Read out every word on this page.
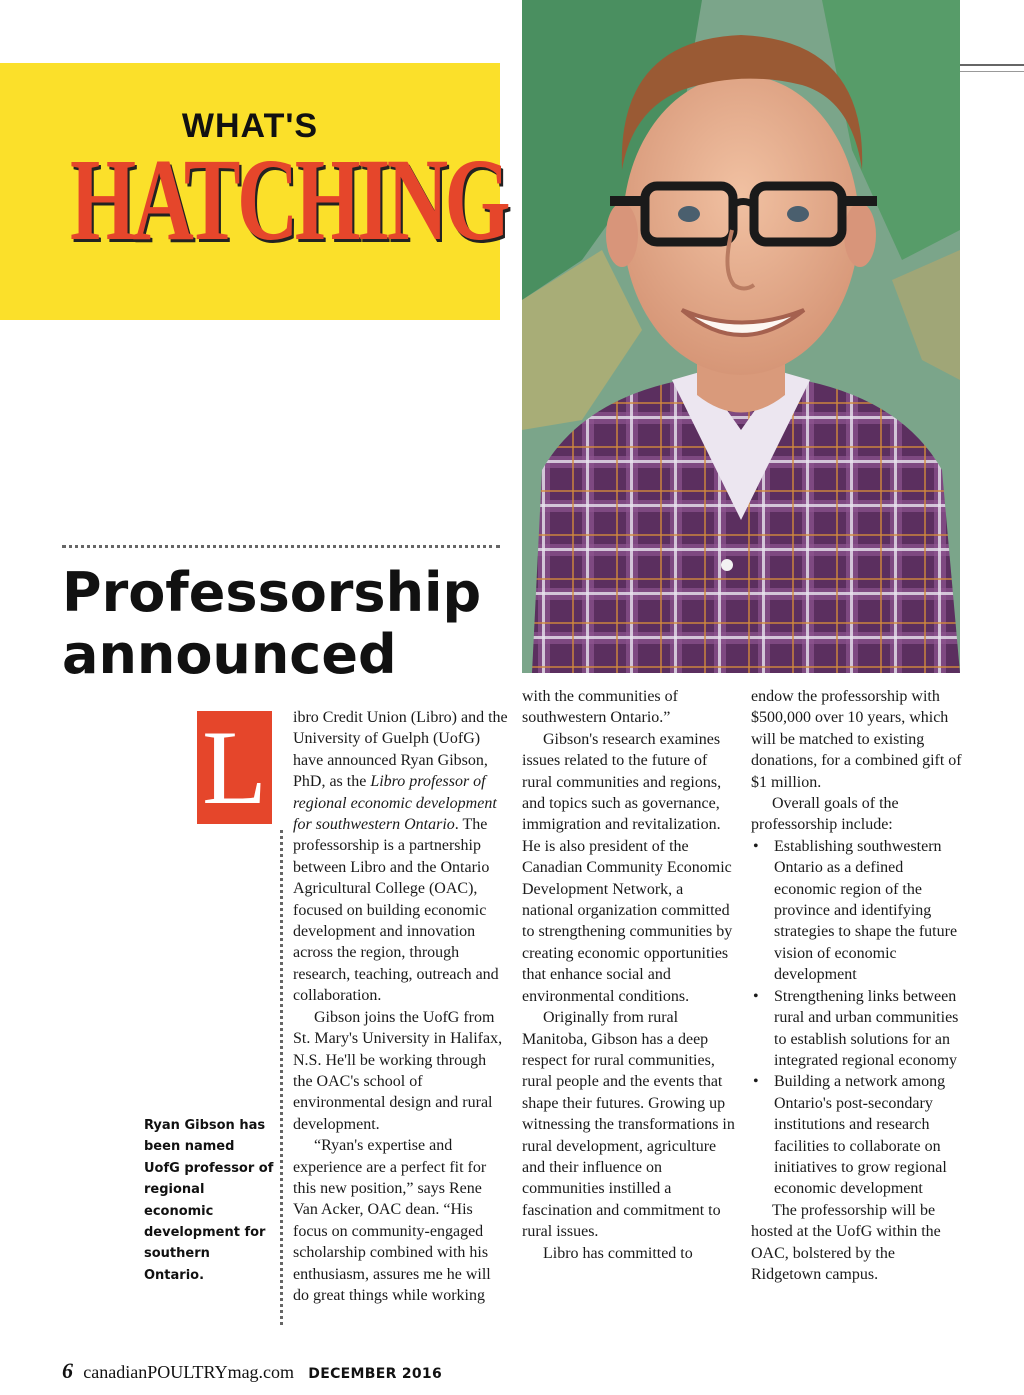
WHAT'S
HATCHING
Professorship announced
L
Ryan Gibson has been named UofG professor of regional economic development for southern Ontario.

ibro Credit Union (Libro) and the University of Guelph (UofG) have announced Ryan Gibson, PhD, as the Libro professor of regional economic development for southwestern Ontario. The professorship is a partnership between Libro and the Ontario Agricultural College (OAC), focused on building economic development and innovation across the region, through research, teaching, outreach and collaboration.

Gibson joins the UofG from St. Mary's University in Halifax, N.S. He'll be working through the OAC's school of environmental design and rural development.

“Ryan's expertise and experience are a perfect fit for this new position,” says Rene Van Acker, OAC dean. “His focus on community-engaged scholarship combined with his enthusiasm, assures me he will do great things while working

with the communities of southwestern Ontario.”

Gibson's research examines issues related to the future of rural communities and regions, and topics such as governance, immigration and revitalization. He is also president of the Canadian Community Economic Development Network, a national organization committed to strengthening communities by creating economic opportunities that enhance social and environmental conditions.

Originally from rural Manitoba, Gibson has a deep respect for rural communities, rural people and the events that shape their futures. Growing up witnessing the transformations in rural development, agriculture and their influence on communities instilled a fascination and commitment to rural issues.

Libro has committed to

endow the professorship with $500,000 over 10 years, which will be matched to existing donations, for a combined gift of $1 million.

Overall goals of the professorship include:

• Establishing southwestern Ontario as a defined economic region of the province and identifying strategies to shape the future vision of economic development
• Strengthening links between rural and urban communities to establish solutions for an integrated regional economy
• Building a network among Ontario's post-secondary institutions and research facilities to collaborate on initiatives to grow regional economic development

The professorship will be hosted at the UofG within the OAC, bolstered by the Ridgetown campus.

6 canadianPOULTRYmag.com DECEMBER 2016
